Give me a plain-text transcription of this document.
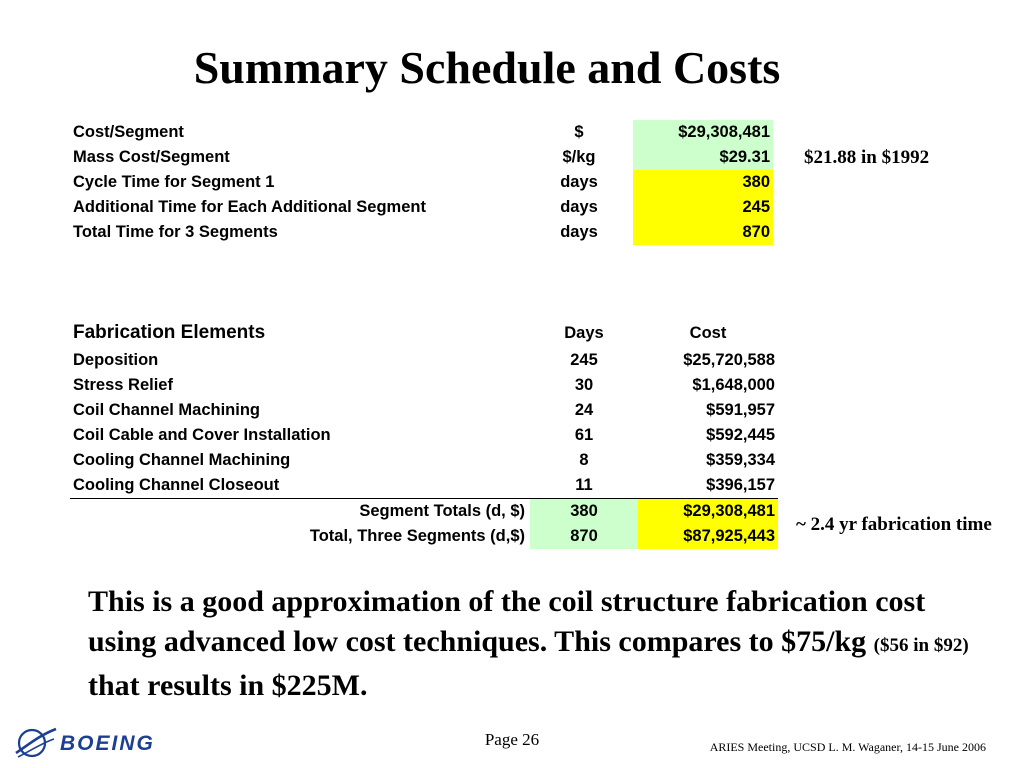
Summary Schedule and Costs
Cost/Segment	$	$29,308,481
Mass Cost/Segment	$/kg	$29.31
Cycle Time for Segment 1	days	380
Additional Time for Each Additional Segment	days	245
Total Time for 3 Segments	days	870
$21.88 in $1992
Fabrication Elements	Days	Cost
Deposition	245	$25,720,588
Stress Relief	30	$1,648,000
Coil Channel Machining	24	$591,957
Coil Cable and Cover Installation	61	$592,445
Cooling Channel Machining	8	$359,334
Cooling Channel Closeout	11	$396,157
Segment Totals (d, $)	380	$29,308,481
Total, Three Segments (d,$)	870	$87,925,443
~ 2.4 yr fabrication time

This is a good approximation of the coil structure fabrication cost using advanced low cost techniques. This compares to $75/kg ($56 in $92) that results in $225M.

BOEING	Page 26	ARIES Meeting, UCSD L. M. Waganer, 14-15 June 2006
